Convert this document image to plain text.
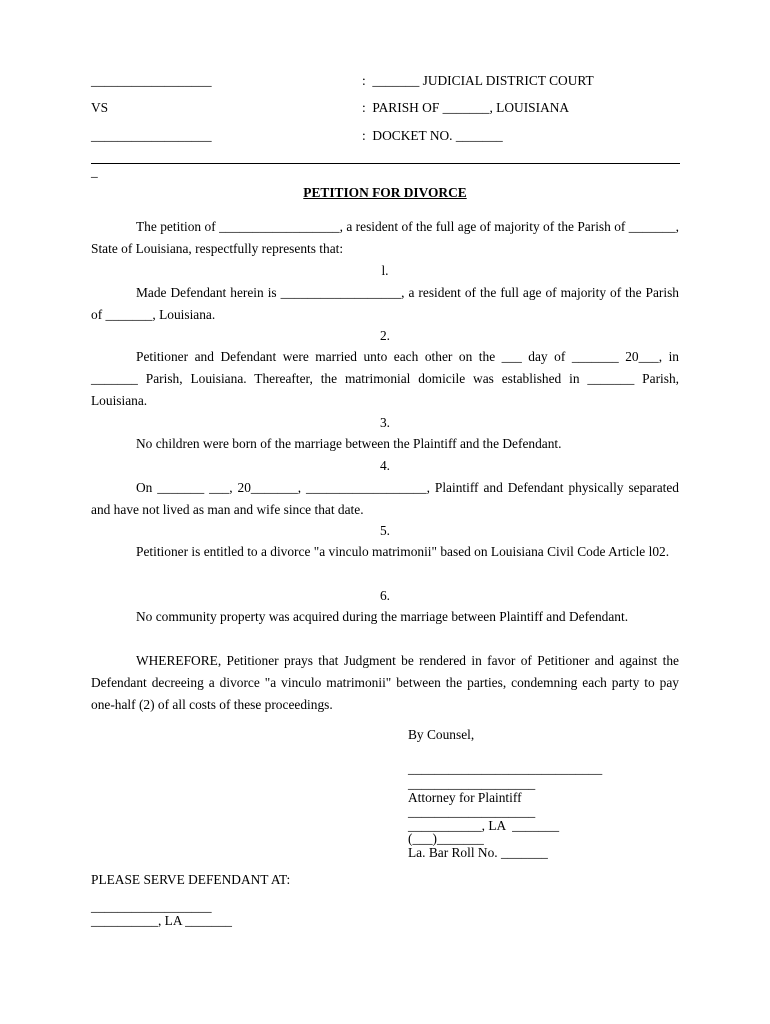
__________________	:  _______ JUDICIAL DISTRICT COURT
VS	:  PARISH OF _______, LOUISIANA
__________________	:  DOCKET NO. _______
_
PETITION FOR DIVORCE

The petition of __________________, a resident of the full age of majority of the Parish of _______, State of Louisiana, respectfully represents that:

l.

Made Defendant herein is __________________, a resident of the full age of majority of the Parish of _______, Louisiana.

2.

Petitioner and Defendant were married unto each other on the ___ day of _______ 20___, in _______ Parish, Louisiana. Thereafter, the matrimonial domicile was established in _______ Parish, Louisiana.

3.

No children were born of the marriage between the Plaintiff and the Defendant.

4.

On _______ ___, 20_______, __________________, Plaintiff and Defendant physically separated and have not lived as man and wife since that date.

5.

Petitioner is entitled to a divorce "a vinculo matrimonii" based on Louisiana Civil Code Article l02.

6.

No community property was acquired during the marriage between Plaintiff and Defendant.

WHEREFORE, Petitioner prays that Judgment be rendered in favor of Petitioner and against the Defendant decreeing a divorce "a vinculo matrimonii" between the parties, condemning each party to pay one-half (2) of all costs of these proceedings.

By Counsel,
_____________________________
___________________
Attorney for Plaintiff
___________________
___________, LA  _______
(___)_______
La. Bar Roll No. _______
PLEASE SERVE DEFENDANT AT:
__________________
__________, LA _______
